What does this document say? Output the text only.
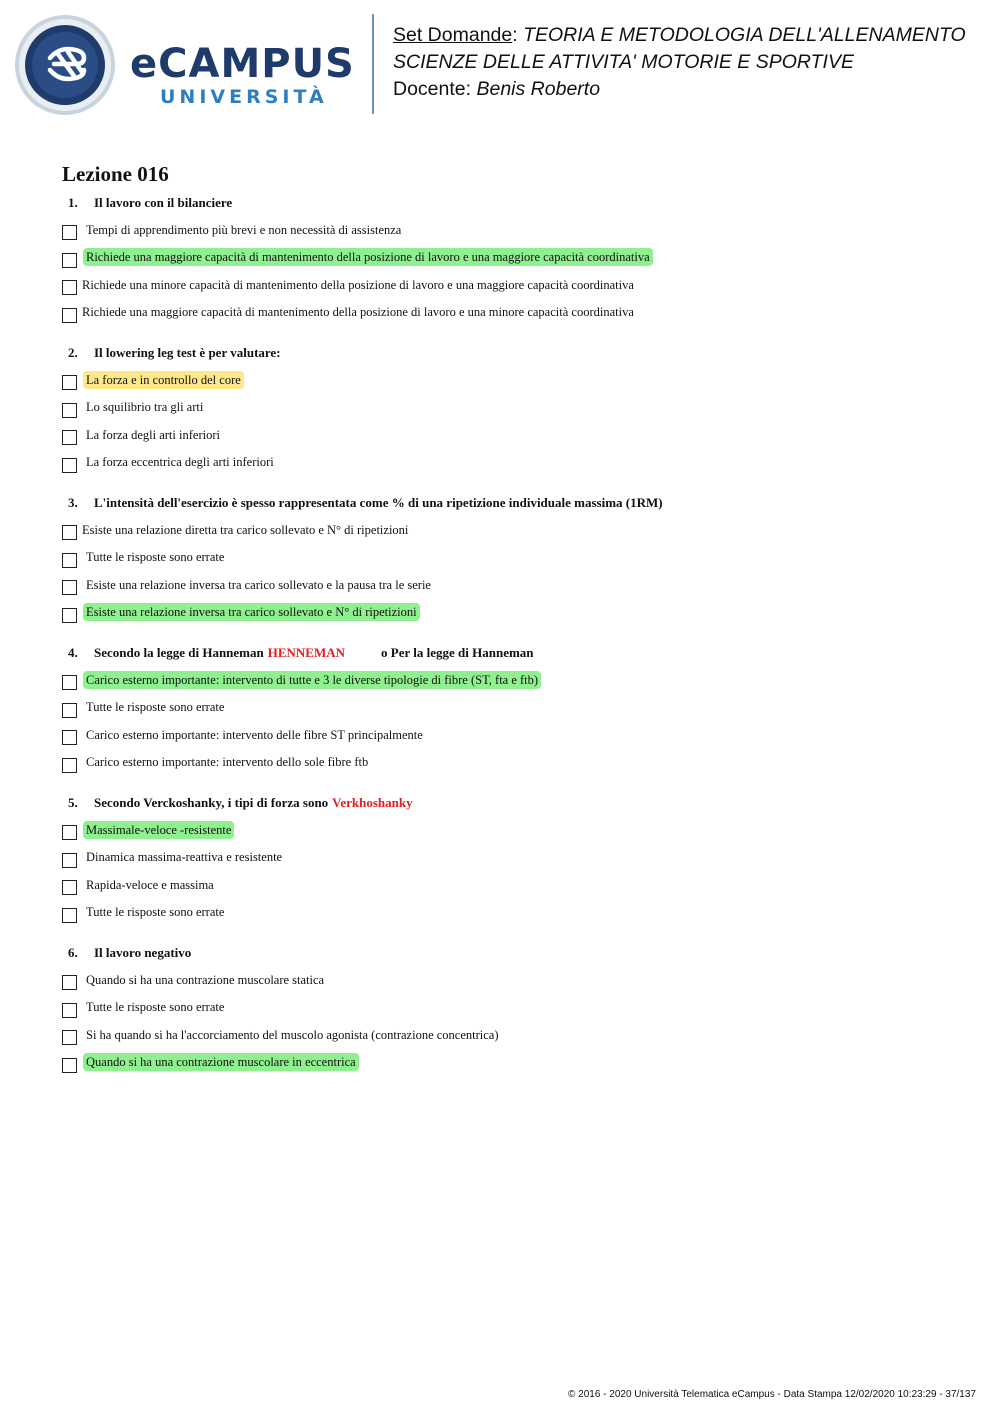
eCAMPUS
UNIVERSITÀ
Set Domande: TEORIA E METODOLOGIA DELL'ALLENAMENTO
SCIENZE DELLE ATTIVITA' MOTORIE E SPORTIVE
Docente: Benis Roberto
Lezione 016
1.	Il lavoro con il bilanciere
Tempi di apprendimento più brevi e non necessità di assistenza
Richiede una maggiore capacità di mantenimento della posizione di lavoro e una maggiore capacità coordinativa
Richiede una minore capacità di mantenimento della posizione di lavoro e una maggiore capacità coordinativa
Richiede una maggiore capacità di mantenimento della posizione di lavoro e una minore capacità coordinativa
2.	Il lowering leg test è per valutare:
La forza e in controllo del core
Lo squilibrio tra gli arti
La forza degli arti inferiori
La forza eccentrica degli arti inferiori
3.	L'intensità dell'esercizio è spesso rappresentata come % di una ripetizione individuale massima (1RM)
Esiste una relazione diretta tra carico sollevato e N° di ripetizioni
Tutte le risposte sono errate
Esiste una relazione inversa tra carico sollevato e la pausa tra le serie
Esiste una relazione inversa tra carico sollevato e N° di ripetizioni
4.	Secondo la legge di Hanneman HENNEMAN	o Per la legge di Hanneman
Carico esterno importante: intervento di tutte e 3 le diverse tipologie di fibre (ST, fta e ftb)
Tutte le risposte sono errate
Carico esterno importante: intervento delle fibre ST principalmente
Carico esterno importante: intervento dello sole fibre ftb
5.	Secondo Verckoshanky, i tipi di forza sono Verkhoshanky
Massimale-veloce -resistente
Dinamica massima-reattiva e resistente
Rapida-veloce e massima
Tutte le risposte sono errate
6.	Il lavoro negativo
Quando si ha una contrazione muscolare statica
Tutte le risposte sono errate
Si ha quando si ha l'accorciamento del muscolo agonista (contrazione concentrica)
Quando si ha una contrazione muscolare in eccentrica
© 2016 - 2020 Università Telematica eCampus - Data Stampa 12/02/2020 10:23:29 - 37/137
